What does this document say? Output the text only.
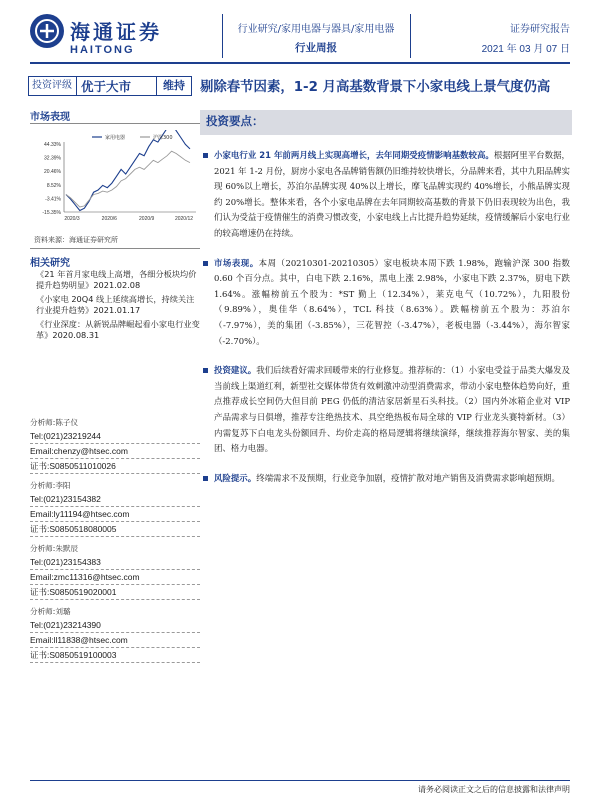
海通证券
HAITONG
行业研究/家用电器与器具/家用电器
行业周报
证券研究报告
2021 年 03 月 07 日
投资评级 优于大市	维持	剔除春节因素，1-2 月高基数背景下小家电线上景气度仍高
市场表现
-15.35%
-3.41%
8.52%
20.46%
32.39%
44.33%
2020/3	2020/6	2020/9	2020/12
家用电器	沪深300
资料来源：海通证券研究所
相关研究
《21 年首月家电线上高增，各细分板块均价提升趋势明显》2021.02.08
《小家电 20Q4 线上延续高增长，持续关注行业提升趋势》2021.01.17
《行业深度：从新锐品牌崛起看小家电行业变革》2020.08.31
分析师:陈子仪
Tel:(021)23219244
Email:chenzy@htsec.com
证书:S0850511010026
分析师:李阳
Tel:(021)23154382
Email:ly11194@htsec.com
证书:S0850518080005
分析师:朱默辰
Tel:(021)23154383
Email:zmc11316@htsec.com
证书:S0850519020001
分析师:刘璐
Tel:(021)23214390
Email:ll11838@htsec.com
证书:S0850519100003
投资要点：
小家电行业 21 年前两月线上实现高增长，去年同期受疫情影响基数较高。根据阿里平台数据，2021 年 1-2 月份，厨房小家电各品牌销售额仍旧维持较快增长，分品牌来看，其中九阳品牌实现 60%以上增长，苏泊尔品牌实现 40%以上增长，摩飞品牌实现约 40%增长，小熊品牌实现约 20%增长。整体来看，各个小家电品牌在去年同期较高基数的背景下仍旧表现较为出色，我们认为受益于疫情催生的消费习惯改变，小家电线上占比提升趋势延续，疫情缓解后小家电行业的较高增速仍在持续。
市场表现。本周（20210301-20210305）家电板块本周下跌 1.98%，跑输沪深 300 指数 0.60 个百分点。其中，白电下跌 2.16%，黑电上涨 2.98%，小家电下跌 2.37%，厨电下跌 1.64%。涨幅榜前五个股为：*ST 勤上（12.34%），莱克电气（10.72%），九阳股份（9.89%），奥佳华（8.64%），TCL 科技（8.63%）。跌幅榜前五个股为：苏泊尔（-7.97%），美的集团（-3.85%），三花智控（-3.47%），老板电器（-3.44%），海尔智家（-2.70%）。
投资建议。我们后续看好需求回暖带来的行业修复。推荐标的：（1）小家电受益于品类大爆发及当前线上渠道红利，新型社交媒体带货有效刺激冲动型消费需求，带动小家电整体趋势向好，重点推荐成长空间仍大但目前 PEG 仍低的清洁家居新星石头科技。（2）国内外冰箱企业对 VIP 产品需求与日俱增，推荐专注绝热技术、具空绝热板布局全球的 VIP 行业龙头赛特新材。（3）内需复苏下白电龙头份额回升、均价走高的格局逻辑将继续演绎，继续推荐海尔智家、美的集团、格力电器。
风险提示。终端需求不及预期，行业竞争加剧，疫情扩散对地产销售及消费需求影响超预期。
请务必阅读正文之后的信息披露和法律声明
